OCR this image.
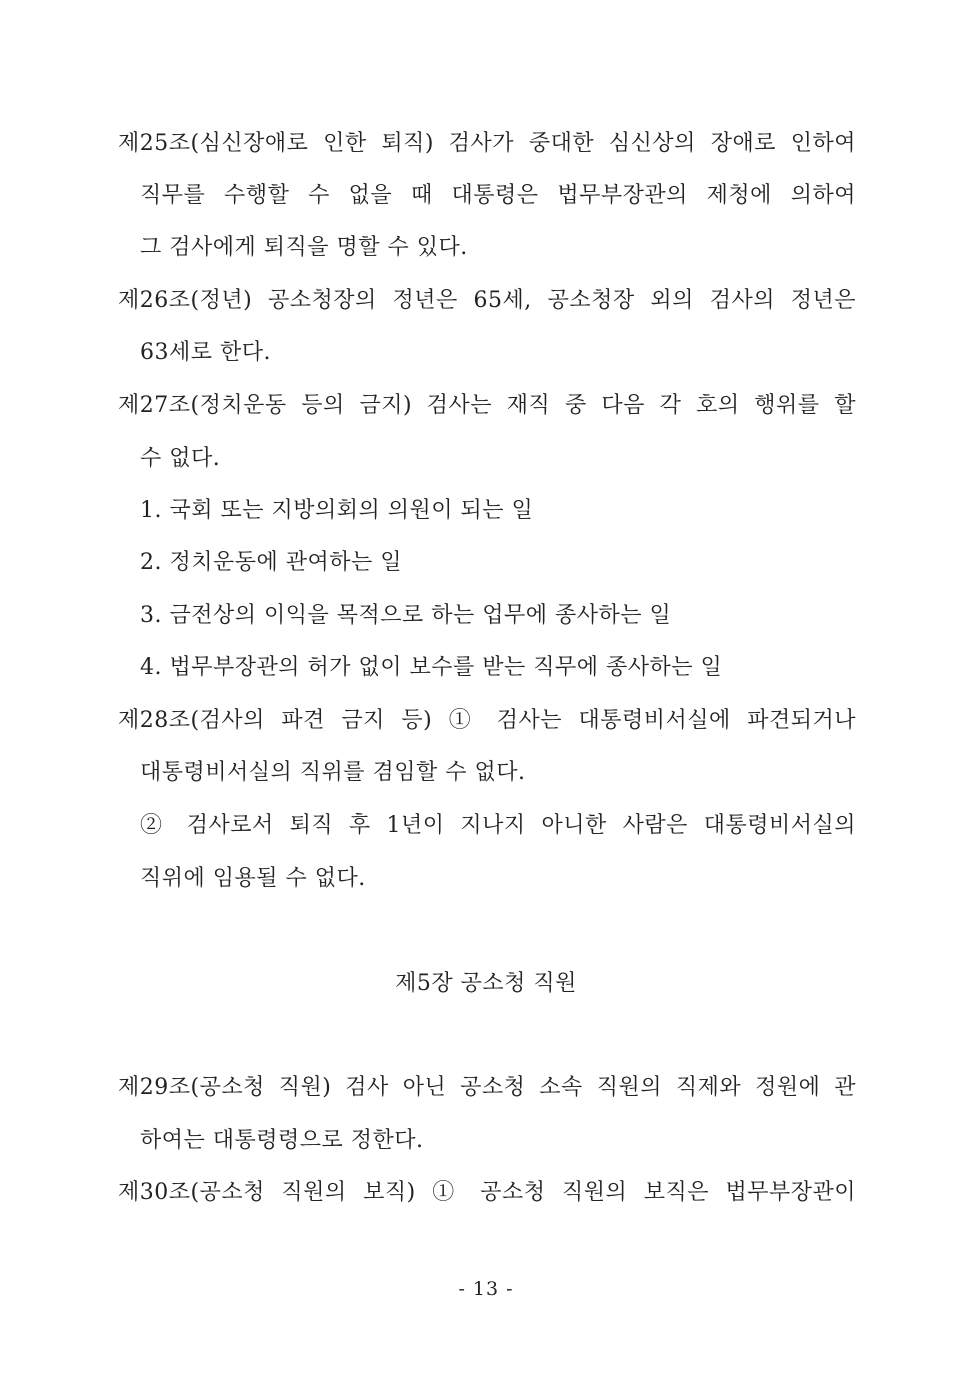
제25조(심신장애로 인한 퇴직) 검사가 중대한 심신상의 장애로 인하여
직무를 수행할 수 없을 때 대통령은 법무부장관의 제청에 의하여
그 검사에게 퇴직을 명할 수 있다.
제26조(정년) 공소청장의 정년은 65세, 공소청장 외의 검사의 정년은
63세로 한다.
제27조(정치운동 등의 금지) 검사는 재직 중 다음 각 호의 행위를 할
수 없다.
1. 국회 또는 지방의회의 의원이 되는 일
2. 정치운동에 관여하는 일
3. 금전상의 이익을 목적으로 하는 업무에 종사하는 일
4. 법무부장관의 허가 없이 보수를 받는 직무에 종사하는 일
제28조(검사의 파견 금지 등) ① 검사는 대통령비서실에 파견되거나
대통령비서실의 직위를 겸임할 수 없다.
② 검사로서 퇴직 후 1년이 지나지 아니한 사람은 대통령비서실의
직위에 임용될 수 없다.
제5장 공소청 직원
제29조(공소청 직원) 검사 아닌 공소청 소속 직원의 직제와 정원에 관
하여는 대통령령으로 정한다.
제30조(공소청 직원의 보직) ① 공소청 직원의 보직은 법무부장관이
- 13 -
